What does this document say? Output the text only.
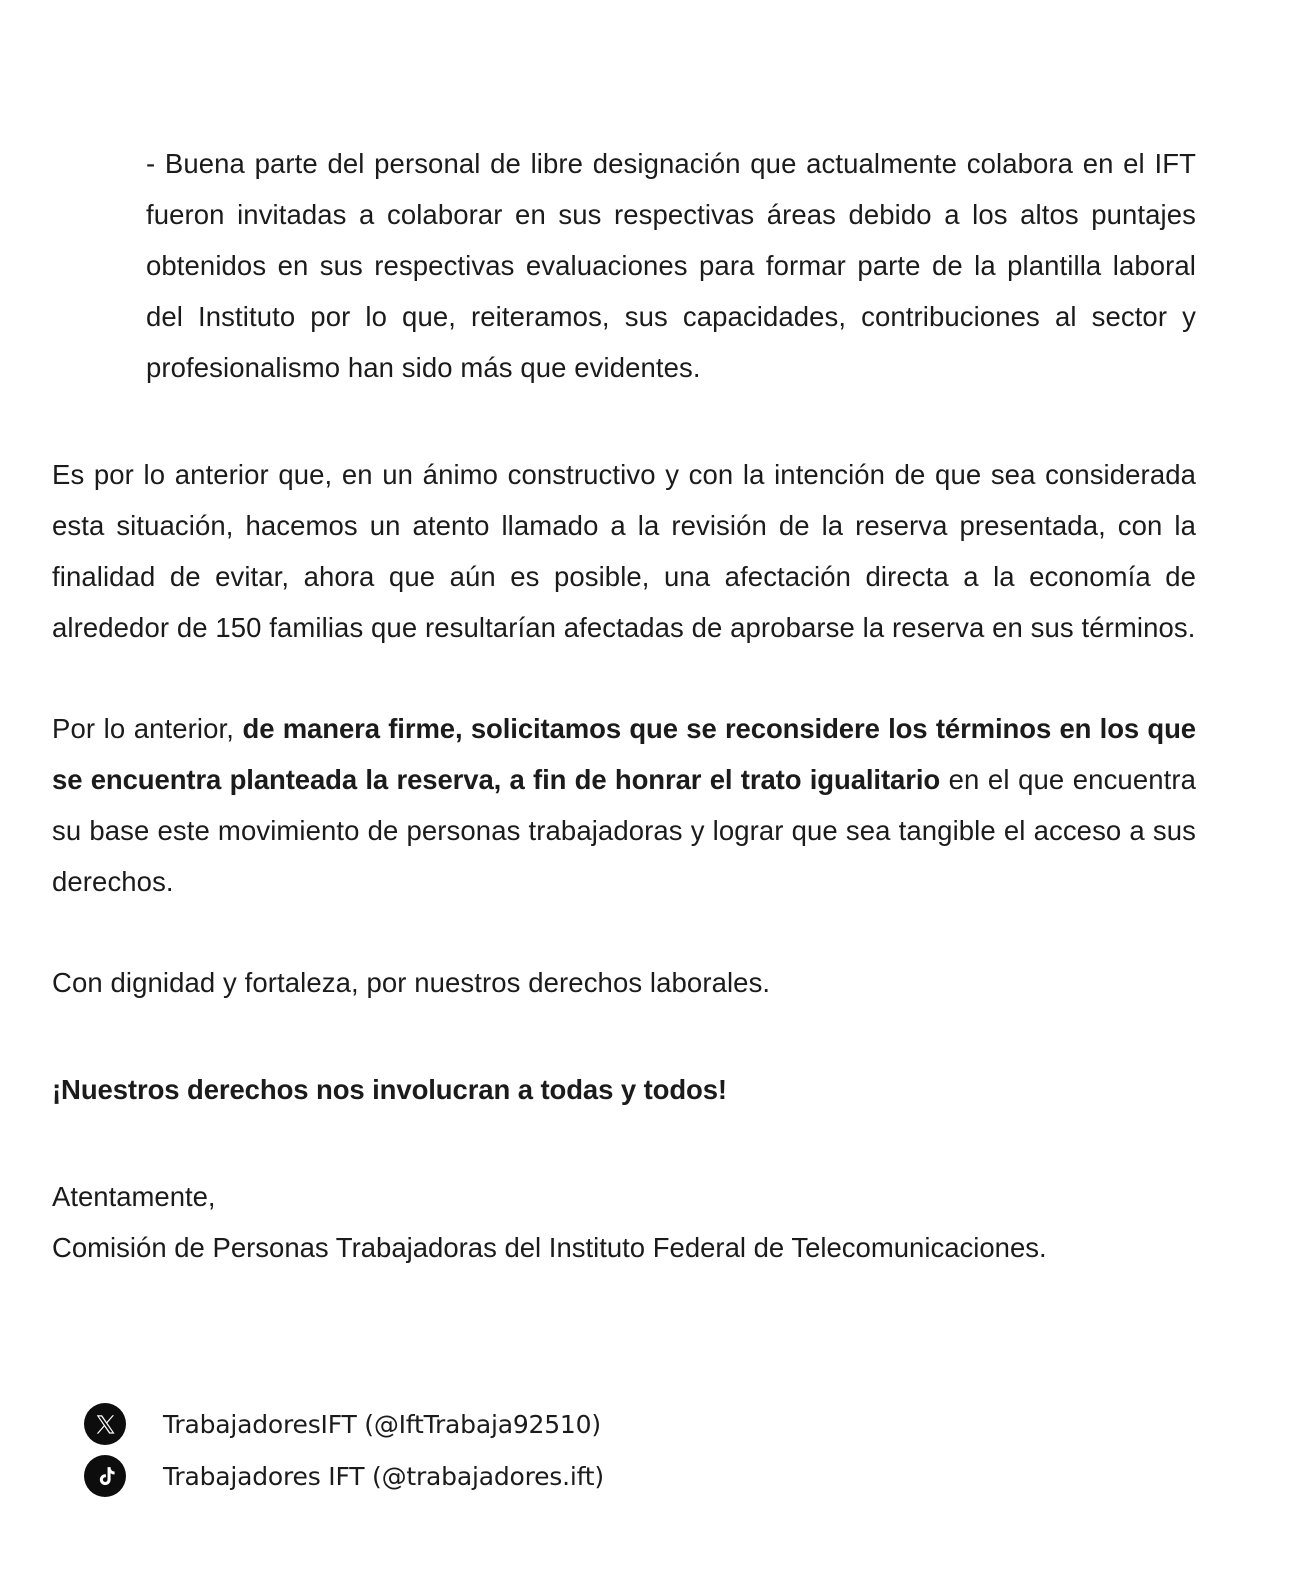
- Buena parte del personal de libre designación que actualmente colabora en el IFT fueron invitadas a colaborar en sus respectivas áreas debido a los altos puntajes obtenidos en sus respectivas evaluaciones para formar parte de la plantilla laboral del Instituto por lo que, reiteramos, sus capacidades, contribuciones al sector y profesionalismo han sido más que evidentes.

Es por lo anterior que, en un ánimo constructivo y con la intención de que sea considerada esta situación, hacemos un atento llamado a la revisión de la reserva presentada, con la finalidad de evitar, ahora que aún es posible, una afectación directa a la economía de alrededor de 150 familias que resultarían afectadas de aprobarse la reserva en sus términos.

Por lo anterior, de manera firme, solicitamos que se reconsidere los términos en los que se encuentra planteada la reserva, a fin de honrar el trato igualitario en el que encuentra su base este movimiento de personas trabajadoras y lograr que sea tangible el acceso a sus derechos.

Con dignidad y fortaleza, por nuestros derechos laborales.

¡Nuestros derechos nos involucran a todas y todos!

Atentamente,
Comisión de Personas Trabajadoras del Instituto Federal de Telecomunicaciones.
TrabajadoresIFT (@IftTrabaja92510)
Trabajadores IFT (@trabajadores.ift)
